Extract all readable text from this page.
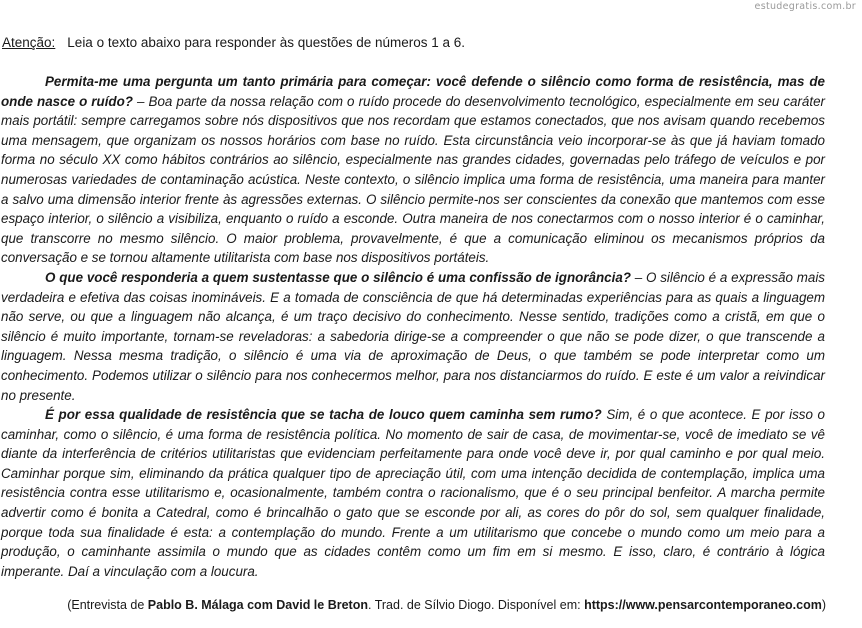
estudegratis.com.br
Atenção: Leia o texto abaixo para responder às questões de números 1 a 6.

Permita-me uma pergunta um tanto primária para começar: você defende o silêncio como forma de resistência, mas de onde nasce o ruído? – Boa parte da nossa relação com o ruído procede do desenvolvimento tecnológico, especialmente em seu caráter mais portátil: sempre carregamos sobre nós dispositivos que nos recordam que estamos conectados, que nos avisam quando recebemos uma mensagem, que organizam os nossos horários com base no ruído. Esta circunstância veio incorporar-se às que já haviam tomado forma no século XX como hábitos contrários ao silêncio, especialmente nas grandes cidades, governadas pelo tráfego de veículos e por numerosas variedades de contaminação acústica. Neste contexto, o silêncio implica uma forma de resistência, uma maneira para manter a salvo uma dimensão interior frente às agressões externas. O silêncio permite-nos ser conscientes da conexão que mantemos com esse espaço interior, o silêncio a visibiliza, enquanto o ruído a esconde. Outra maneira de nos conectarmos com o nosso interior é o caminhar, que transcorre no mesmo silêncio. O maior problema, provavelmente, é que a comunicação eliminou os mecanismos próprios da conversação e se tornou altamente utilitarista com base nos dispositivos portáteis.

O que você responderia a quem sustentasse que o silêncio é uma confissão de ignorância? – O silêncio é a expressão mais verdadeira e efetiva das coisas inomináveis. E a tomada de consciência de que há determinadas experiências para as quais a linguagem não serve, ou que a linguagem não alcança, é um traço decisivo do conhecimento. Nesse sentido, tradições como a cristã, em que o silêncio é muito importante, tornam-se reveladoras: a sabedoria dirige-se a compreender o que não se pode dizer, o que transcende a linguagem. Nessa mesma tradição, o silêncio é uma via de aproximação de Deus, o que também se pode interpretar como um conhecimento. Podemos utilizar o silêncio para nos conhecermos melhor, para nos distanciarmos do ruído. E este é um valor a reivindicar no presente.

É por essa qualidade de resistência que se tacha de louco quem caminha sem rumo? Sim, é o que acontece. E por isso o caminhar, como o silêncio, é uma forma de resistência política. No momento de sair de casa, de movimentar-se, você de imediato se vê diante da interferência de critérios utilitaristas que evidenciam perfeitamente para onde você deve ir, por qual caminho e por qual meio. Caminhar porque sim, eliminando da prática qualquer tipo de apreciação útil, com uma intenção decidida de contemplação, implica uma resistência contra esse utilitarismo e, ocasionalmente, também contra o racionalismo, que é o seu principal benfeitor. A marcha permite advertir como é bonita a Catedral, como é brincalhão o gato que se esconde por ali, as cores do pôr do sol, sem qualquer finalidade, porque toda sua finalidade é esta: a contemplação do mundo. Frente a um utilitarismo que concebe o mundo como um meio para a produção, o caminhante assimila o mundo que as cidades contêm como um fim em si mesmo. E isso, claro, é contrário à lógica imperante. Daí a vinculação com a loucura.

(Entrevista de Pablo B. Málaga com David le Breton. Trad. de Sílvio Diogo. Disponível em: https://www.pensarcontemporaneo.com)
